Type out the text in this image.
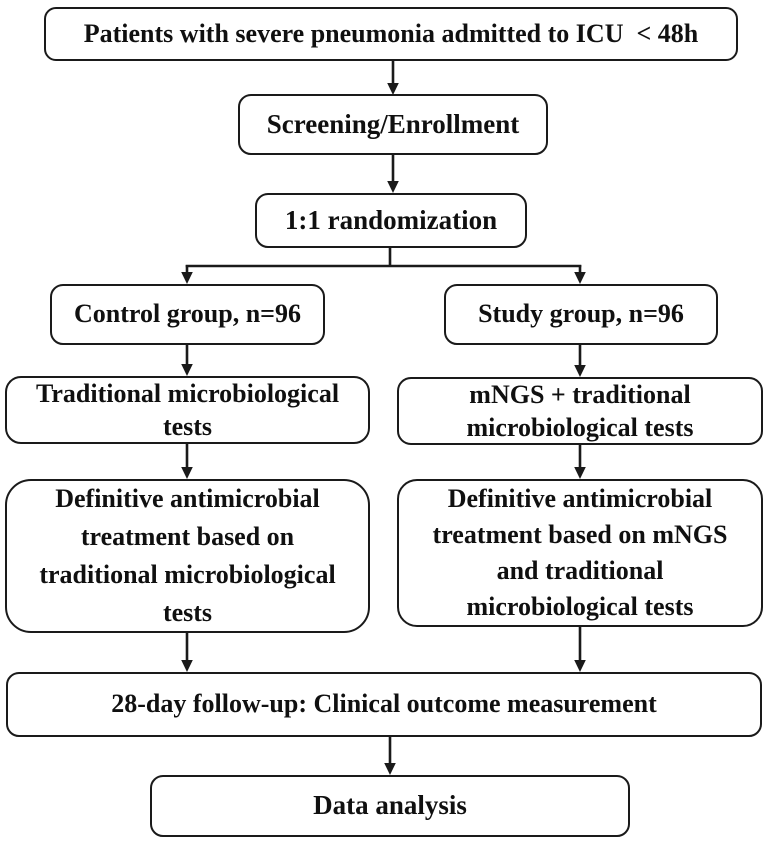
Patients with severe pneumonia admitted to ICU  < 48h
Screening/Enrollment
1:1 randomization
Control group, n=96	Study group, n=96
Traditional microbiological
tests
mNGS + traditional
microbiological tests
Definitive antimicrobial
treatment based on
traditional microbiological
tests
Definitive antimicrobial
treatment based on mNGS
and traditional
microbiological tests
28-day follow-up: Clinical outcome measurement
Data analysis
